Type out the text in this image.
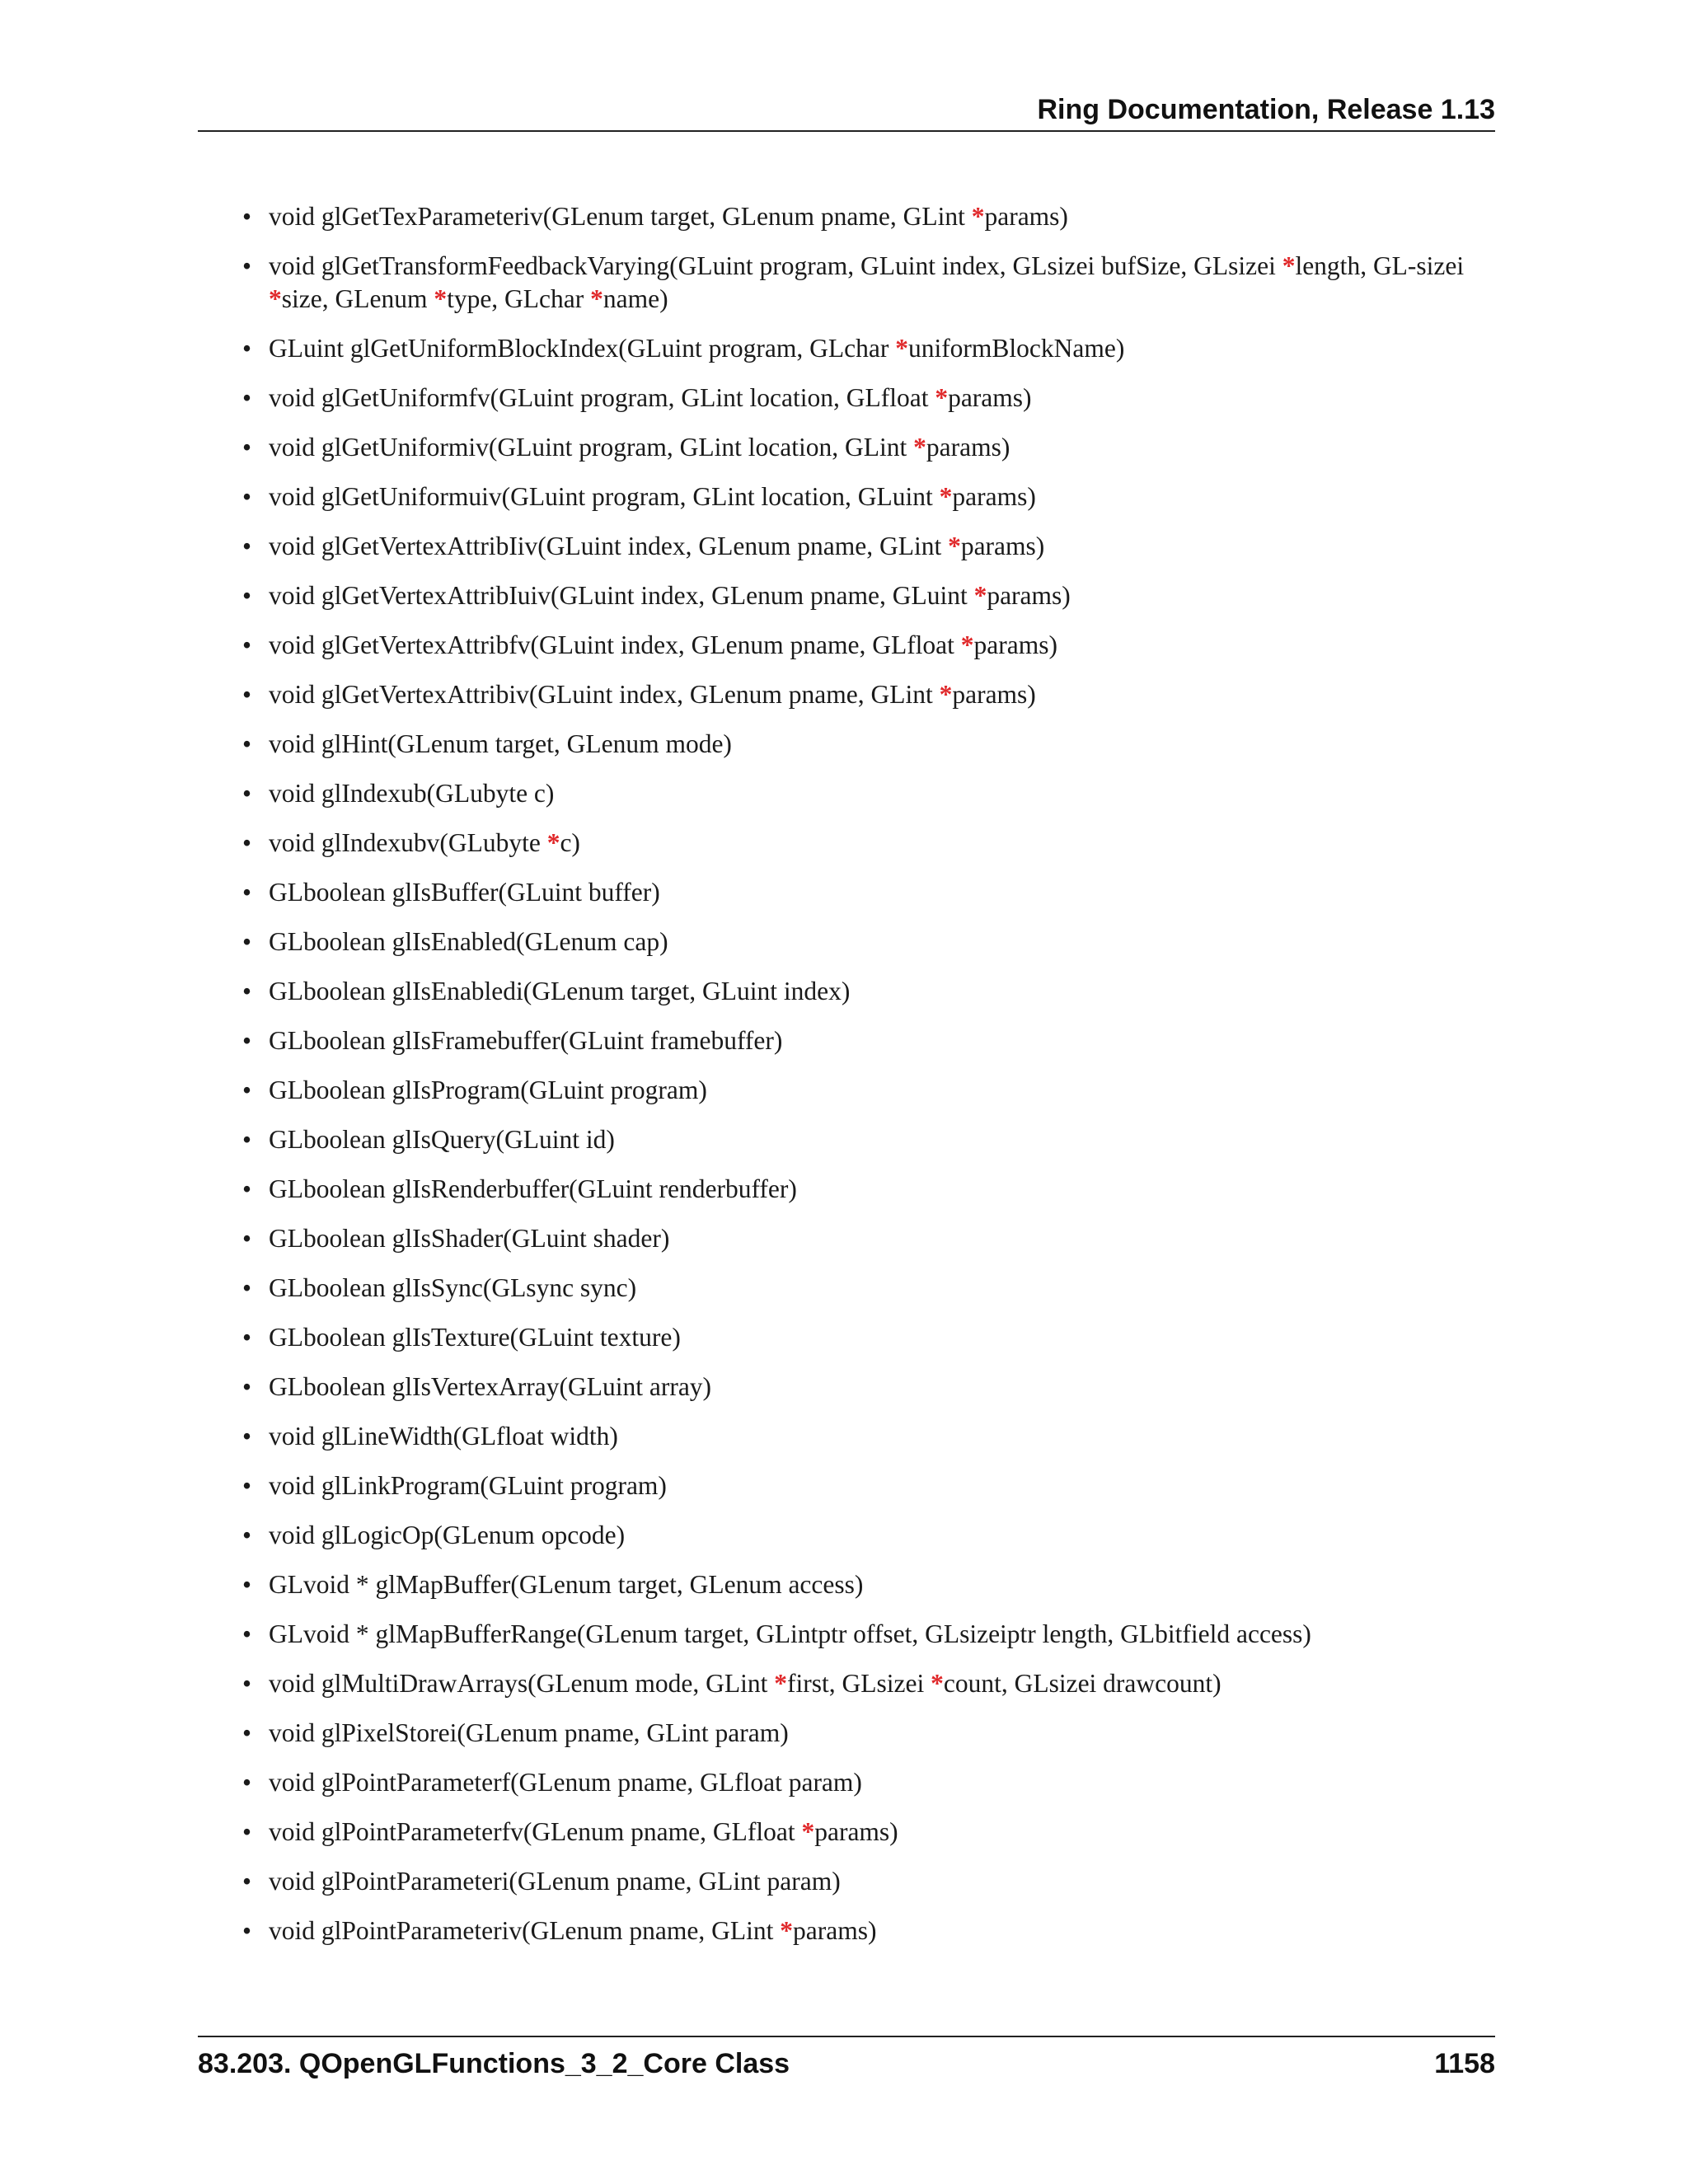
Ring Documentation, Release 1.13
• void glGetTexParameteriv(GLenum target, GLenum pname, GLint *params)
• void glGetTransformFeedbackVarying(GLuint program, GLuint index, GLsizei bufSize, GLsizei *length, GL-sizei *size, GLenum *type, GLchar *name)
• GLuint glGetUniformBlockIndex(GLuint program, GLchar *uniformBlockName)
• void glGetUniformfv(GLuint program, GLint location, GLfloat *params)
• void glGetUniformiv(GLuint program, GLint location, GLint *params)
• void glGetUniformuiv(GLuint program, GLint location, GLuint *params)
• void glGetVertexAttribIiv(GLuint index, GLenum pname, GLint *params)
• void glGetVertexAttribIuiv(GLuint index, GLenum pname, GLuint *params)
• void glGetVertexAttribfv(GLuint index, GLenum pname, GLfloat *params)
• void glGetVertexAttribiv(GLuint index, GLenum pname, GLint *params)
• void glHint(GLenum target, GLenum mode)
• void glIndexub(GLubyte c)
• void glIndexubv(GLubyte *c)
• GLboolean glIsBuffer(GLuint buffer)
• GLboolean glIsEnabled(GLenum cap)
• GLboolean glIsEnabledi(GLenum target, GLuint index)
• GLboolean glIsFramebuffer(GLuint framebuffer)
• GLboolean glIsProgram(GLuint program)
• GLboolean glIsQuery(GLuint id)
• GLboolean glIsRenderbuffer(GLuint renderbuffer)
• GLboolean glIsShader(GLuint shader)
• GLboolean glIsSync(GLsync sync)
• GLboolean glIsTexture(GLuint texture)
• GLboolean glIsVertexArray(GLuint array)
• void glLineWidth(GLfloat width)
• void glLinkProgram(GLuint program)
• void glLogicOp(GLenum opcode)
• GLvoid * glMapBuffer(GLenum target, GLenum access)
• GLvoid * glMapBufferRange(GLenum target, GLintptr offset, GLsizeiptr length, GLbitfield access)
• void glMultiDrawArrays(GLenum mode, GLint *first, GLsizei *count, GLsizei drawcount)
• void glPixelStorei(GLenum pname, GLint param)
• void glPointParameterf(GLenum pname, GLfloat param)
• void glPointParameterfv(GLenum pname, GLfloat *params)
• void glPointParameteri(GLenum pname, GLint param)
• void glPointParameteriv(GLenum pname, GLint *params)
83.203. QOpenGLFunctions_3_2_Core Class	1158
